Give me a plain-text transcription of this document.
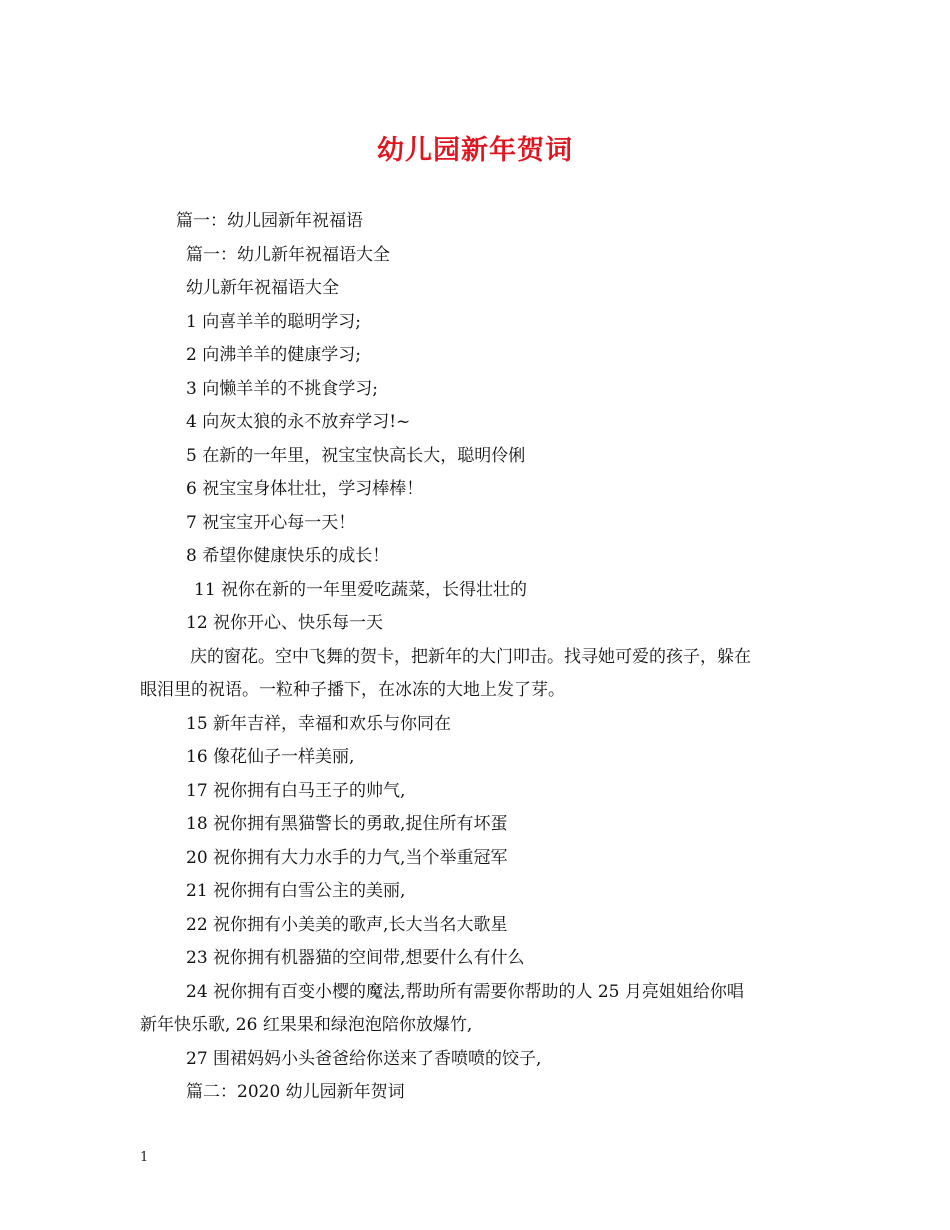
幼儿园新年贺词
篇一：幼儿园新年祝福语
篇一：幼儿新年祝福语大全
幼儿新年祝福语大全
1 向喜羊羊的聪明学习;
2 向沸羊羊的健康学习;
3 向懒羊羊的不挑食学习;
4 向灰太狼的永不放弃学习!~
5 在新的一年里，祝宝宝快高长大，聪明伶俐
6 祝宝宝身体壮壮，学习棒棒！
7 祝宝宝开心每一天！
8 希望你健康快乐的成长！
11 祝你在新的一年里爱吃蔬菜，长得壮壮的
12 祝你开心、快乐每一天
庆的窗花。空中飞舞的贺卡，把新年的大门叩击。找寻她可爱的孩子，躲在
眼泪里的祝语。一粒种子播下，在冰冻的大地上发了芽。
15 新年吉祥，幸福和欢乐与你同在
16 像花仙子一样美丽,
17 祝你拥有白马王子的帅气,
18 祝你拥有黑猫警长的勇敢,捉住所有坏蛋
20 祝你拥有大力水手的力气,当个举重冠军
21 祝你拥有白雪公主的美丽,
22 祝你拥有小美美的歌声,长大当名大歌星
23 祝你拥有机器猫的空间带,想要什么有什么
24 祝你拥有百变小樱的魔法,帮助所有需要你帮助的人 25 月亮姐姐给你唱
新年快乐歌, 26 红果果和绿泡泡陪你放爆竹,
27 围裙妈妈小头爸爸给你送来了香喷喷的饺子,
篇二：2020 幼儿园新年贺词
1
